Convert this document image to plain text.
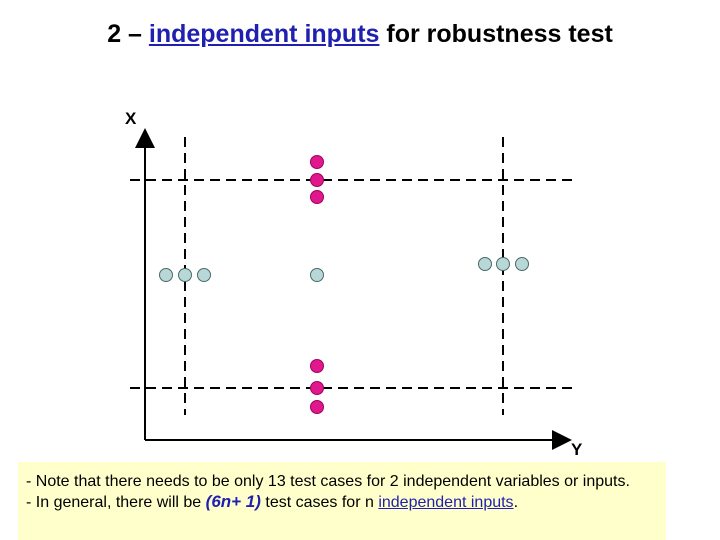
2 – independent inputs for robustness test
X
Y
- Note that there needs to be only 13 test cases for 2 independent variables or inputs.
- In general, there will be (6n+ 1) test cases for n independent inputs.
